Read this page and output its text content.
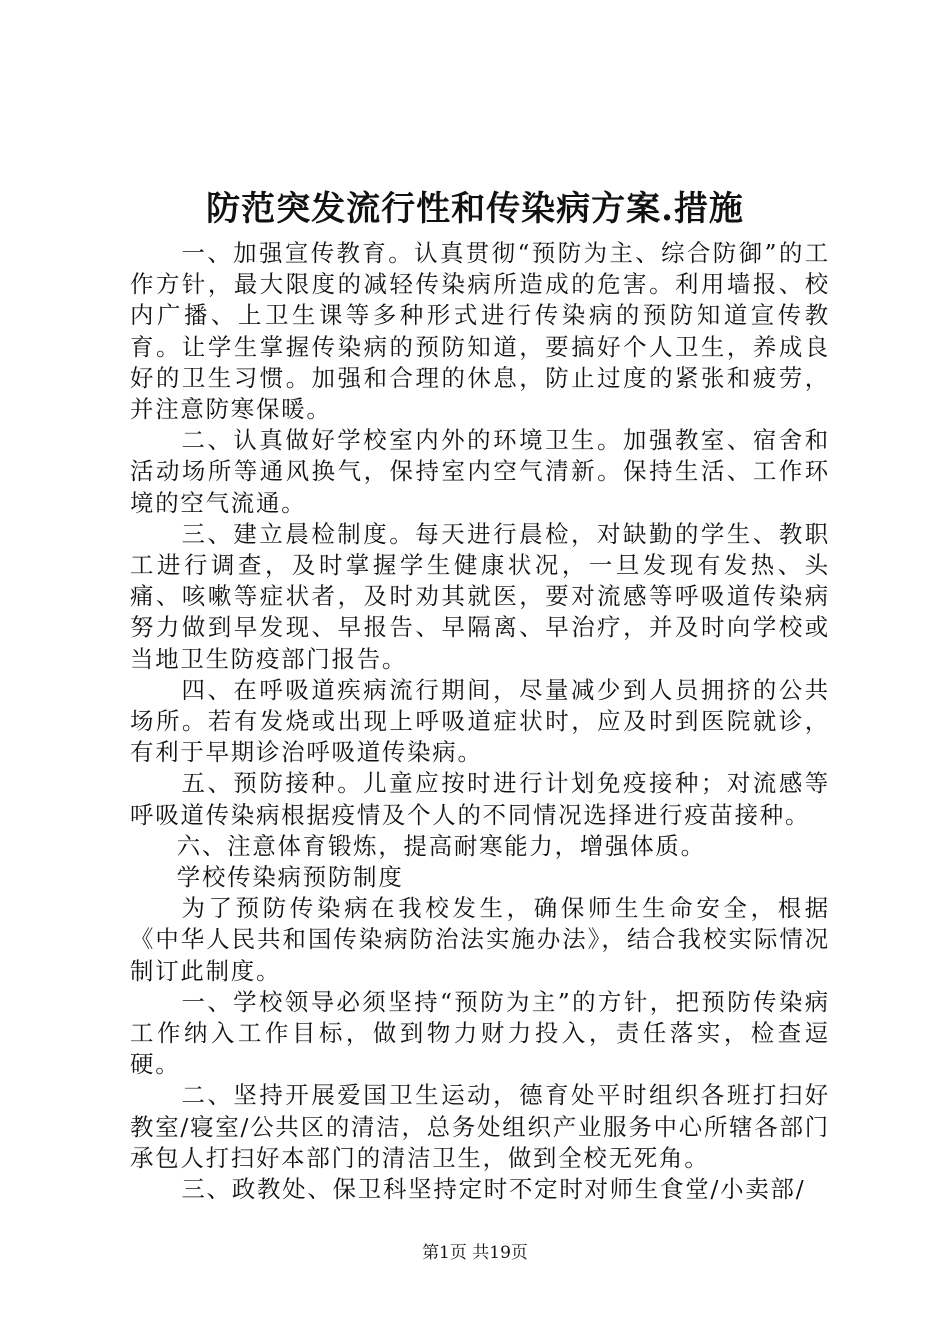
防范突发流行性和传染病方案.措施

一、加强宣传教育。认真贯彻“预防为主、综合防御”的工作方针，最大限度的减轻传染病所造成的危害。利用墙报、校内广播、上卫生课等多种形式进行传染病的预防知道宣传教育。让学生掌握传染病的预防知道，要搞好个人卫生，养成良好的卫生习惯。加强和合理的休息，防止过度的紧张和疲劳，并注意防寒保暖。

二、认真做好学校室内外的环境卫生。加强教室、宿舍和活动场所等通风换气，保持室内空气清新。保持生活、工作环境的空气流通。

三、建立晨检制度。每天进行晨检，对缺勤的学生、教职工进行调查，及时掌握学生健康状况，一旦发现有发热、头痛、咳嗽等症状者，及时劝其就医，要对流感等呼吸道传染病努力做到早发现、早报告、早隔离、早治疗，并及时向学校或当地卫生防疫部门报告。

四、在呼吸道疾病流行期间，尽量减少到人员拥挤的公共场所。若有发烧或出现上呼吸道症状时，应及时到医院就诊，有利于早期诊治呼吸道传染病。

五、预防接种。儿童应按时进行计划免疫接种；对流感等呼吸道传染病根据疫情及个人的不同情况选择进行疫苗接种。

六、注意体育锻炼，提高耐寒能力，增强体质。

学校传染病预防制度

为了预防传染病在我校发生，确保师生生命安全，根据《中华人民共和国传染病防治法实施办法》，结合我校实际情况制订此制度。

一、学校领导必须坚持“预防为主”的方针，把预防传染病工作纳入工作目标，做到物力财力投入，责任落实，检查逗硬。

二、坚持开展爱国卫生运动，德育处平时组织各班打扫好教室/寝室/公共区的清洁，总务处组织产业服务中心所辖各部门承包人打扫好本部门的清洁卫生，做到全校无死角。

三、政教处、保卫科坚持定时不定时对师生食堂/小卖部/

第1页 共19页
